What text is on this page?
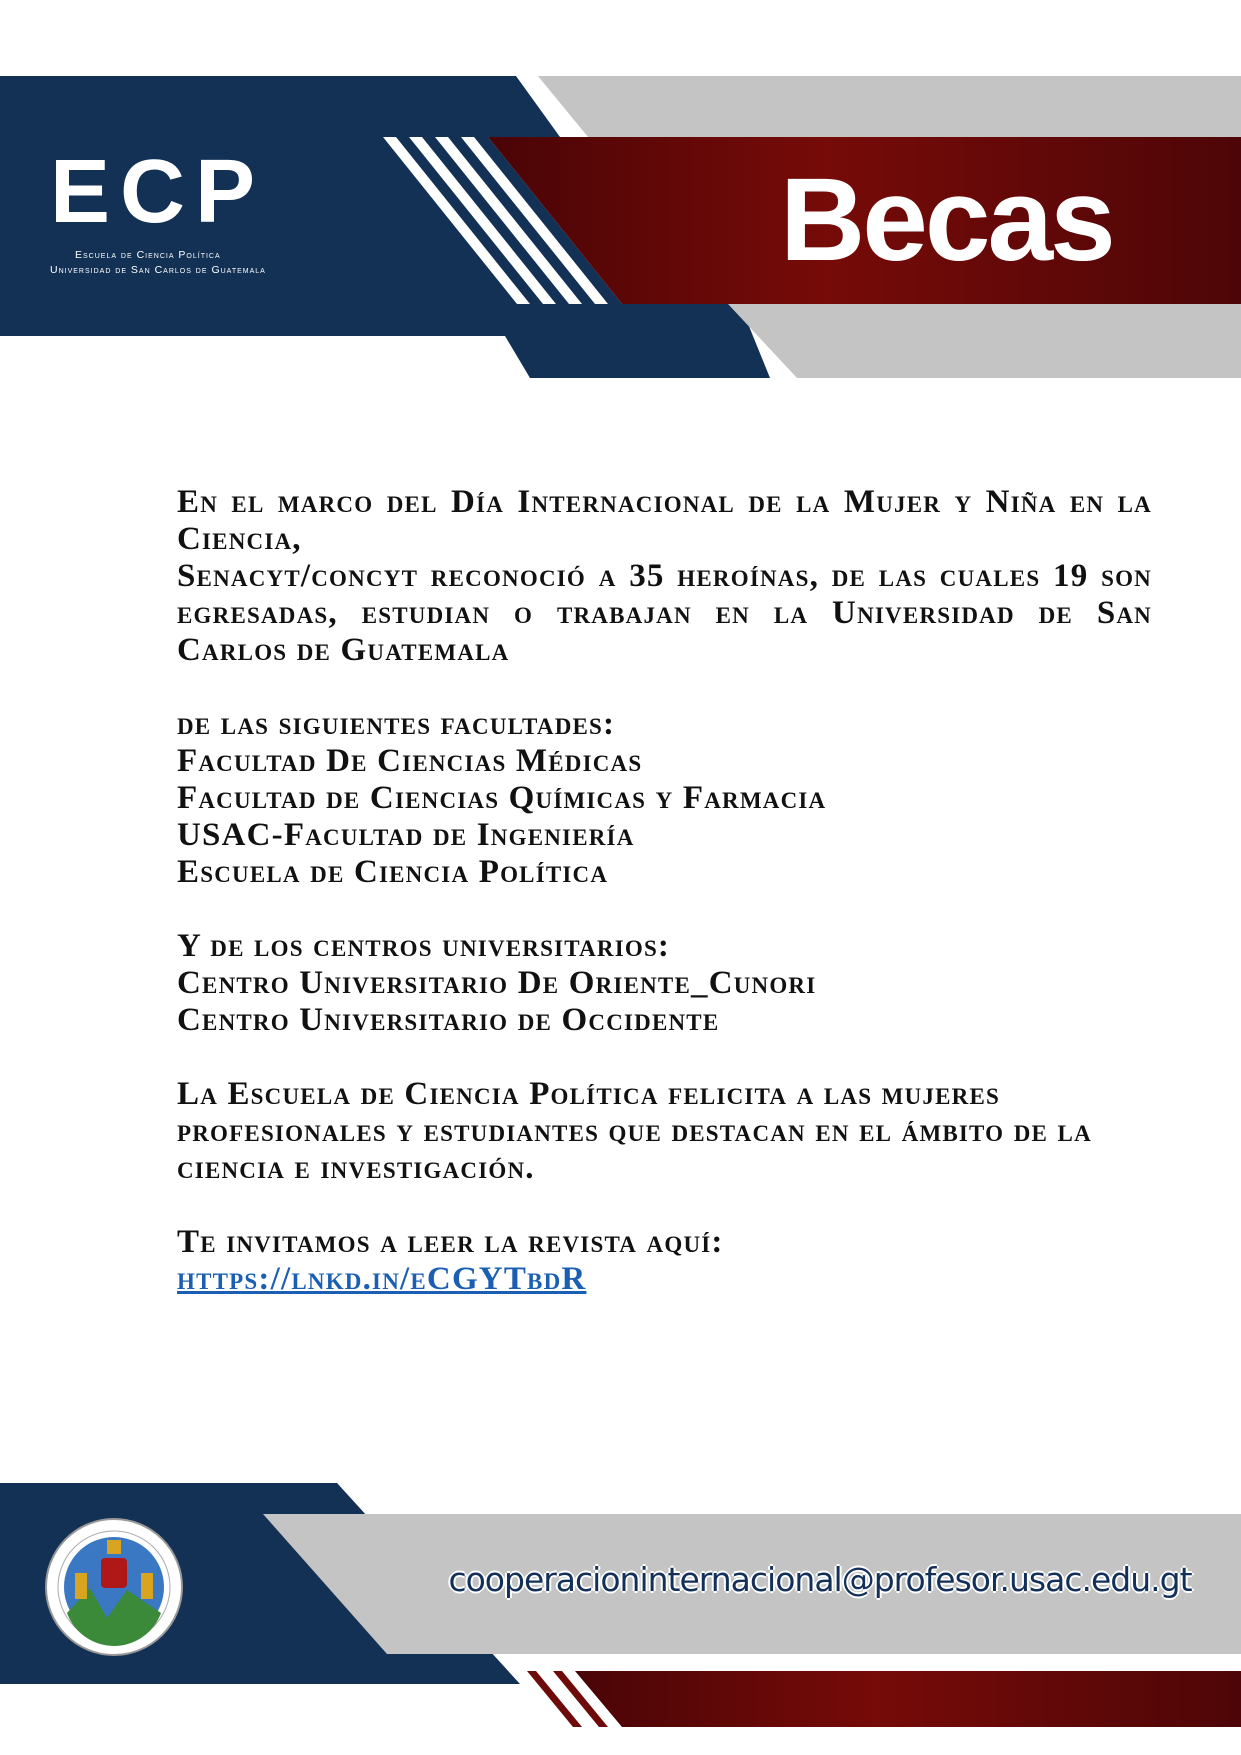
ECP
Escuela de Ciencia Política
Universidad de San Carlos de Guatemala	Becas

En el marco del Día Internacional de la Mujer y Niña en la Ciencia,
Senacyt/concyt reconoció a 35 heroínas, de las cuales 19 son egresadas, estudian o trabajan en la Universidad de San Carlos de Guatemala

de las siguientes facultades:
Facultad De Ciencias Médicas
Facultad de Ciencias Químicas y Farmacia
USAC-Facultad de Ingeniería
Escuela de Ciencia Política

Y de los centros universitarios:
Centro Universitario De Oriente_Cunori
Centro Universitario de Occidente

La Escuela de Ciencia Política felicita a las mujeres profesionales y estudiantes que destacan en el ámbito de la ciencia e investigación.

Te invitamos a leer la revista aquí:
https://lnkd.in/eCGYTbdR

cooperacioninternacional@profesor.usac.edu.gt
